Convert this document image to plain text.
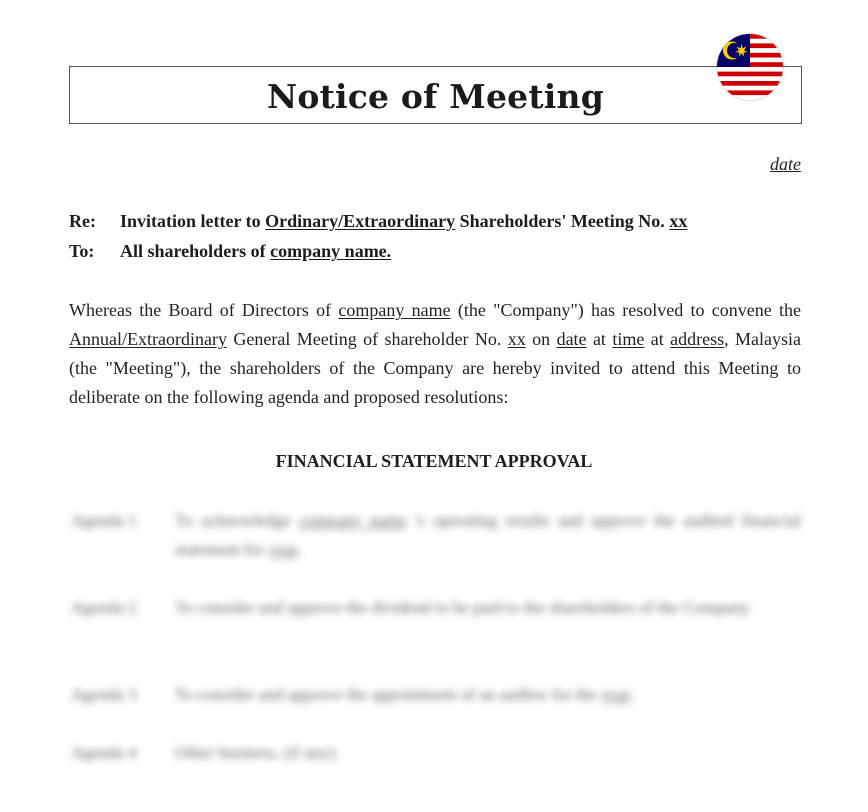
Notice of Meeting
date
Re: Invitation letter to Ordinary/Extraordinary Shareholders' Meeting No. xx
To: All shareholders of company name.
Whereas the Board of Directors of company name (the "Company") has resolved to convene the
Annual/Extraordinary General Meeting of shareholder No. xx on date at time at address, Malaysia
(the "Meeting"), the shareholders of the Company are hereby invited to attend this Meeting to
deliberate on the following agenda and proposed resolutions:
FINANCIAL STATEMENT APPROVAL
Agenda 1	To acknowledge company name 's operating results and approve the audited financial statement for year.
Agenda 2	To consider and approve the dividend to be paid to the shareholders of the Company.
Agenda 3	To consider and approve the appointment of an auditor for the year.
Agenda 4	Other business, (if any).
